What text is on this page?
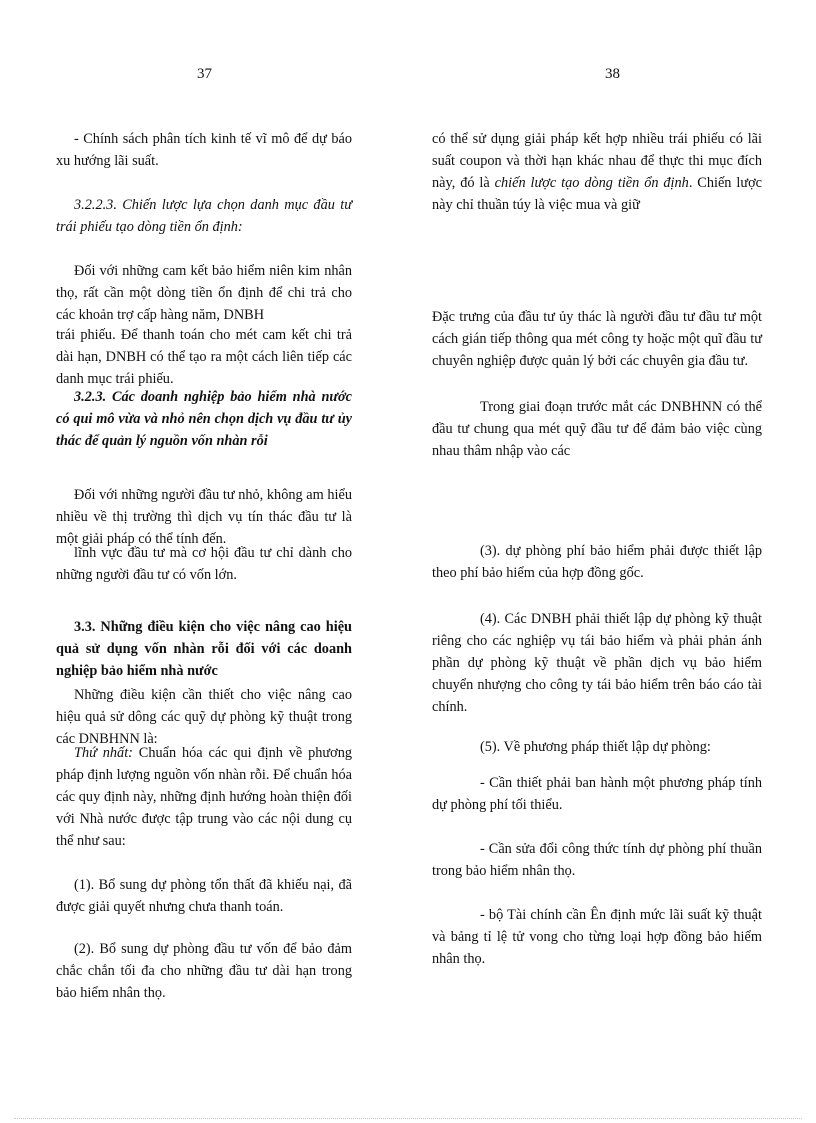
37

- Chính sách phân tích kinh tế vĩ mô để dự báo xu hướng lãi suất.

3.2.2.3. Chiến lược lựa chọn danh mục đầu tư trái phiếu tạo dòng tiền ổn định:

Đối với những cam kết bảo hiểm niên kim nhân thọ, rất cần một dòng tiền ổn định để chi trả cho các khoản trợ cấp hàng năm, DNBH

trái phiếu. Để thanh toán cho mét cam kết chi trả dài hạn, DNBH có thể tạo ra một cách liên tiếp các danh mục trái phiếu.

3.2.3. Các doanh nghiệp bảo hiểm nhà nước có qui mô vừa và nhỏ nên chọn dịch vụ đầu tư ủy thác để quản lý nguồn vốn nhàn rỗi

Đối với những người đầu tư nhỏ, không am hiểu nhiều về thị trường thì dịch vụ tín thác đầu tư là một giải pháp có thể tính đến.

lĩnh vực đầu tư mà cơ hội đầu tư chỉ dành cho những người đầu tư có vốn lớn.

3.3. Những điều kiện cho việc nâng cao hiệu quả sử dụng vốn nhàn rỗi đối với các doanh nghiệp bảo hiểm nhà nước

Những điều kiện cần thiết cho việc nâng cao hiệu quả sử dông các quỹ dự phòng kỹ thuật trong các DNBHNN là:

Thứ nhất: Chuẩn hóa các qui định về phương pháp định lượng nguồn vốn nhàn rỗi. Để chuẩn hóa các quy định này, những định hướng hoàn thiện đối với Nhà nước được tập trung vào các nội dung cụ thể như sau:

(1). Bổ sung dự phòng tổn thất đã khiếu nại, đã được giải quyết nhưng chưa thanh toán.

(2). Bổ sung dự phòng đầu tư vốn để bảo đảm chắc chắn tối đa cho những đầu tư dài hạn trong bảo hiểm nhân thọ.

38

có thể sử dụng giải pháp kết hợp nhiều trái phiếu có lãi suất coupon và thời hạn khác nhau để thực thi mục đích này, đó là chiến lược tạo dòng tiền ổn định. Chiến lược này chỉ thuần túy là việc mua và giữ

Đặc trưng của đầu tư ủy thác là người đầu tư đầu tư một cách gián tiếp thông qua mét công ty hoặc một quĩ đầu tư chuyên nghiệp được quản lý bởi các chuyên gia đầu tư.

Trong giai đoạn trước mắt các DNBHNN có thể đầu tư chung qua mét quỹ đầu tư để đảm bảo việc cùng nhau thâm nhập vào các

(3). dự phòng phí bảo hiểm phải được thiết lập theo phí bảo hiểm của hợp đồng gốc.

(4). Các DNBH phải thiết lập dự phòng kỹ thuật riêng cho các nghiệp vụ tái bảo hiểm và phải phản ánh phần dự phòng kỹ thuật về phần dịch vụ bảo hiểm chuyển nhượng cho công ty tái bảo hiểm trên báo cáo tài chính.

(5). Về phương pháp thiết lập dự phòng:

- Cần thiết phải ban hành một phương pháp tính dự phòng phí tối thiểu.

- Cần sửa đổi công thức tính dự phòng phí thuần trong bảo hiểm nhân thọ.

- bộ Tài chính cần Ên định mức lãi suất kỹ thuật và bảng tỉ lệ tử vong cho từng loại hợp đồng bảo hiểm nhân thọ.
